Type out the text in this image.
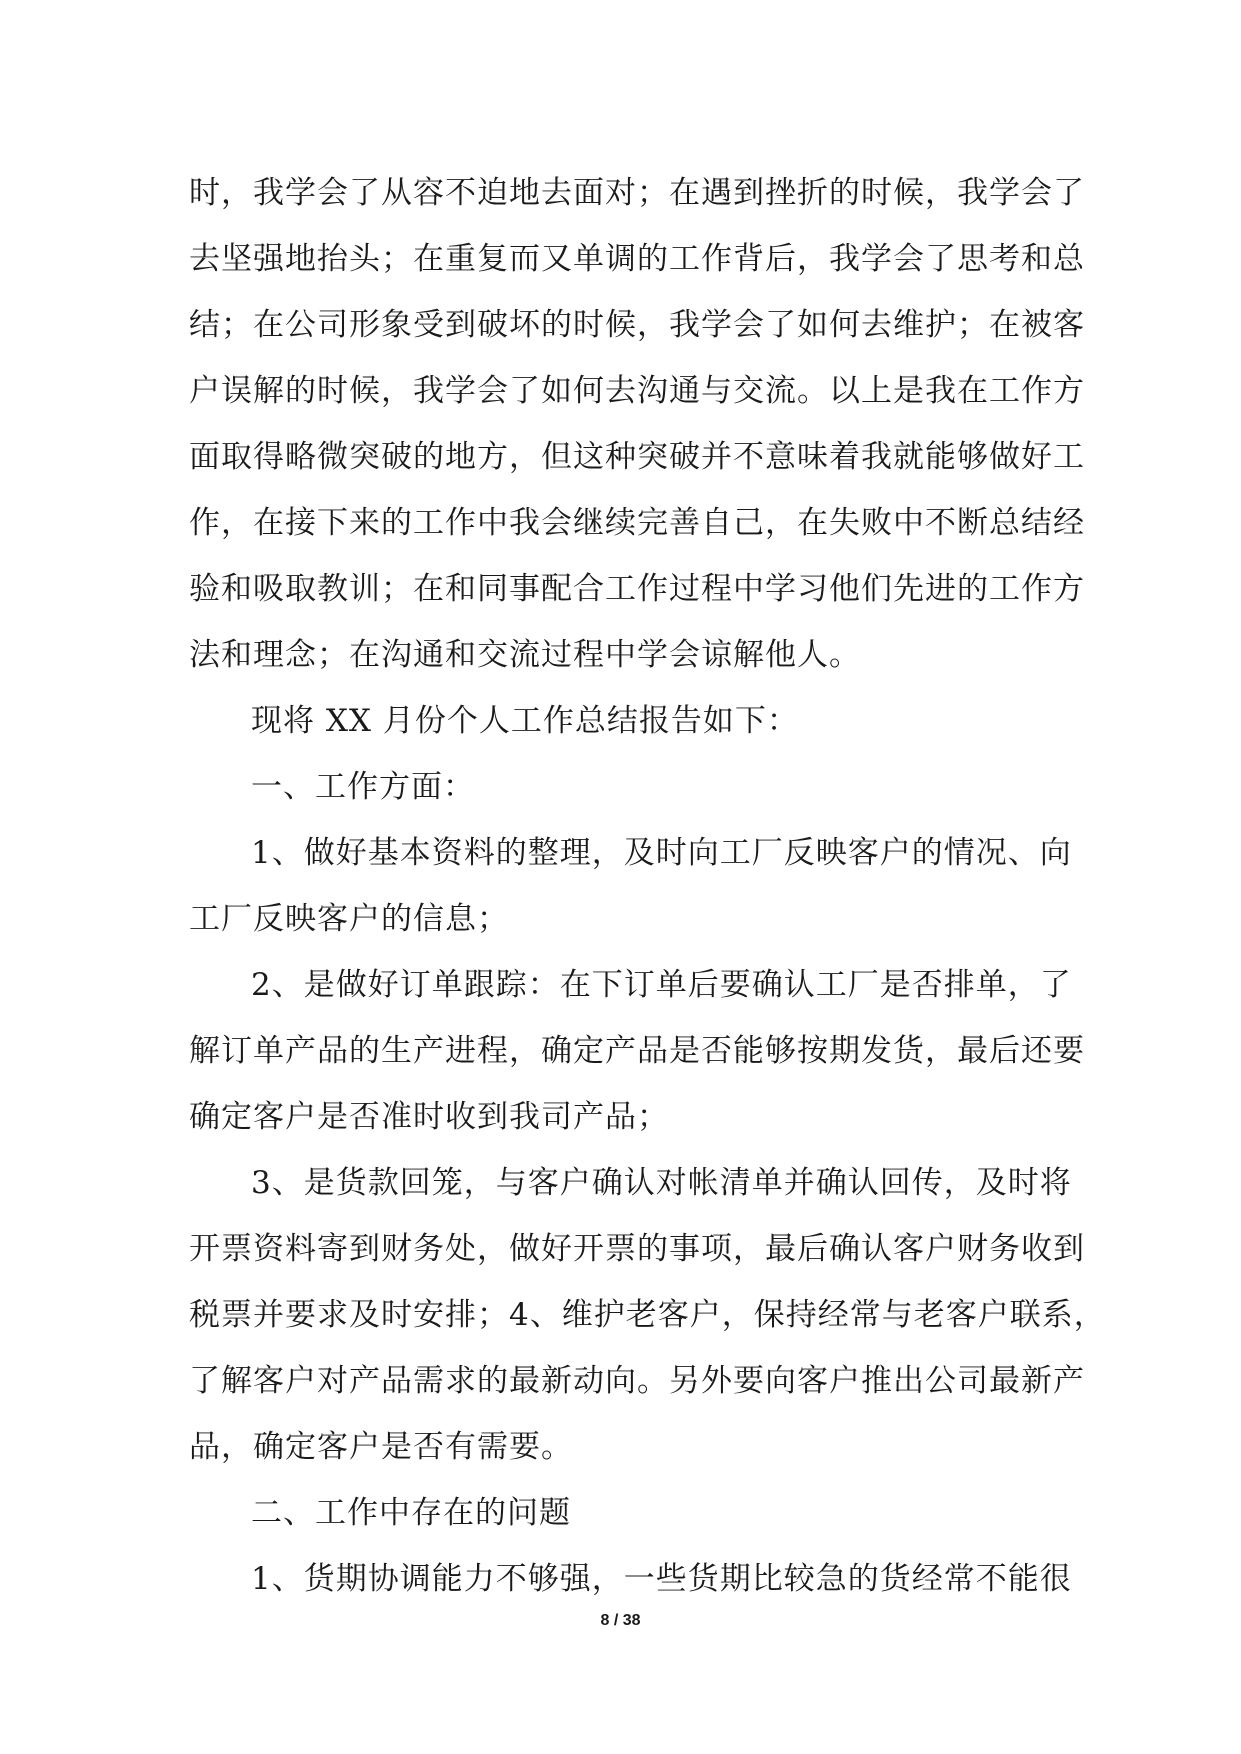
时，我学会了从容不迫地去面对；在遇到挫折的时候，我学会了
去坚强地抬头；在重复而又单调的工作背后，我学会了思考和总
结；在公司形象受到破坏的时候，我学会了如何去维护；在被客
户误解的时候，我学会了如何去沟通与交流。以上是我在工作方
面取得略微突破的地方，但这种突破并不意味着我就能够做好工
作，在接下来的工作中我会继续完善自己，在失败中不断总结经
验和吸取教训；在和同事配合工作过程中学习他们先进的工作方
法和理念；在沟通和交流过程中学会谅解他人。
现将 XX 月份个人工作总结报告如下：
一、工作方面：
1、做好基本资料的整理，及时向工厂反映客户的情况、向
工厂反映客户的信息；
2、是做好订单跟踪：在下订单后要确认工厂是否排单，了
解订单产品的生产进程，确定产品是否能够按期发货，最后还要
确定客户是否准时收到我司产品；
3、是货款回笼，与客户确认对帐清单并确认回传，及时将
开票资料寄到财务处，做好开票的事项，最后确认客户财务收到
税票并要求及时安排；4、维护老客户，保持经常与老客户联系，
了解客户对产品需求的最新动向。另外要向客户推出公司最新产
品，确定客户是否有需要。
二、工作中存在的问题
1、货期协调能力不够强，一些货期比较急的货经常不能很
8 / 38
